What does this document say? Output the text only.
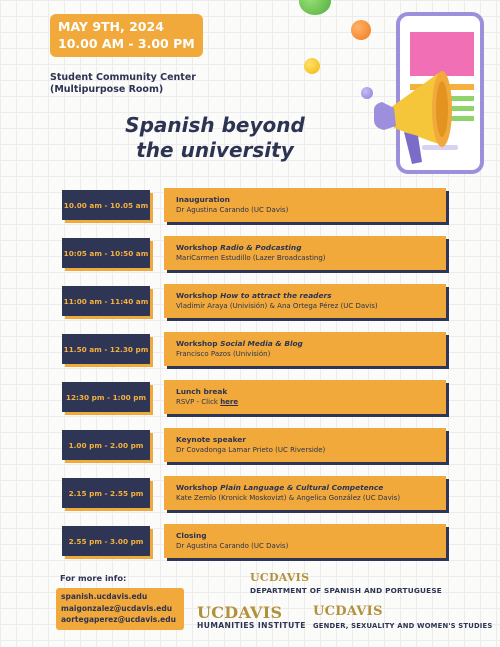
MAY 9TH, 2024
10.00 AM - 3.00 PM
Student Community Center
(Multipurpose Room)
Spanish beyond
the university
10.00 am - 10.05 am
Inauguration
Dr Agustina Carando (UC Davis)
10:05 am - 10:50 am
Workshop Radio & Podcasting
MariCarmen Estudillo (Lazer Broadcasting)
11:00 am - 11:40 am
Workshop How to attract the readers
Vladimir Araya (Univisión) & Ana Ortega Pérez (UC Davis)
11.50 am - 12.30 pm
Workshop Social Media & Blog
Francisco Pazos (Univisión)
12:30 pm - 1:00 pm
Lunch break
RSVP - Click here
1.00 pm - 2.00 pm
Keynote speaker
Dr Covadonga Lamar Prieto (UC Riverside)
2.15 pm - 2.55 pm
Workshop Plain Language & Cultural Competence
Kate Zemlo (Kronick Moskovizt) & Angelica González (UC Davis)
2.55 pm - 3.00 pm
Closing
Dr Agustina Carando (UC Davis)
For more info:
spanish.ucdavis.edu
maigonzalez@ucdavis.edu
aortegaperez@ucdavis.edu
UCDAVIS
DEPARTMENT OF SPANISH AND PORTUGUESE
UCDAVIS
HUMANITIES INSTITUTE
UCDAVIS
GENDER, SEXUALITY AND WOMEN'S STUDIES
